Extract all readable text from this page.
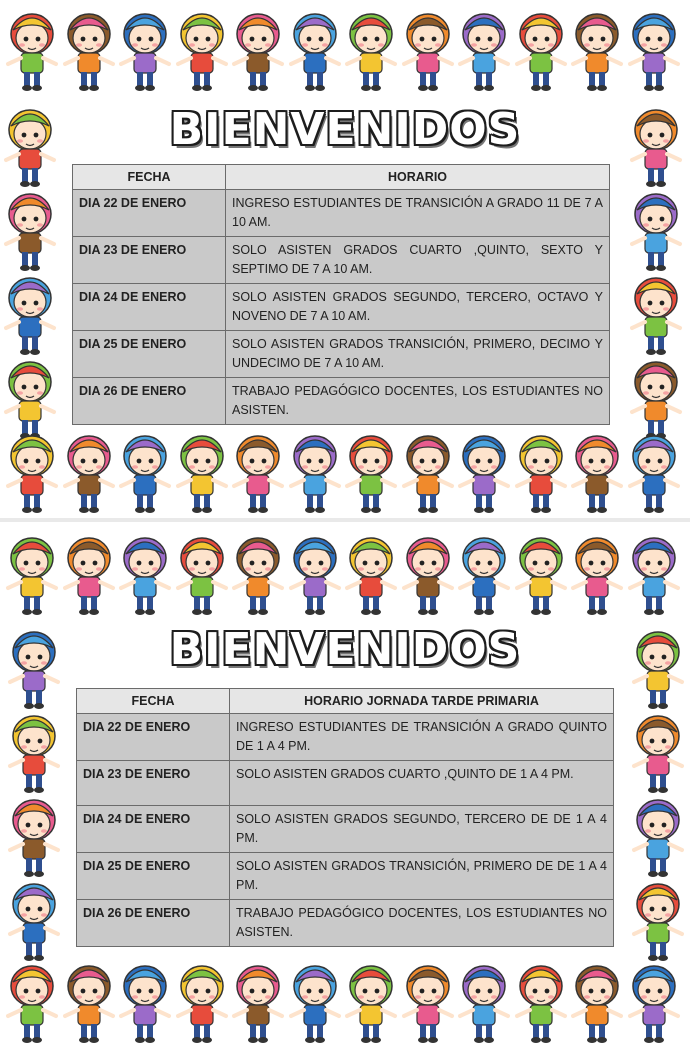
BIENVENIDOS
FECHA	HORARIO
DIA 22 DE ENERO	INGRESO ESTUDIANTES DE TRANSICIÓN A GRADO 11 DE 7 A 10 AM.
DIA 23 DE ENERO	SOLO ASISTEN GRADOS CUARTO ,QUINTO, SEXTO Y SEPTIMO DE 7 A 10 AM.
DIA 24 DE ENERO	SOLO ASISTEN GRADOS SEGUNDO, TERCERO, OCTAVO Y NOVENO DE 7 A 10 AM.
DIA 25 DE ENERO	SOLO ASISTEN GRADOS TRANSICIÓN, PRIMERO, DECIMO Y UNDECIMO DE 7 A 10 AM.
DIA 26 DE ENERO	TRABAJO PEDAGÓGICO DOCENTES, LOS ESTUDIANTES NO ASISTEN.
BIENVENIDOS
FECHA	HORARIO JORNADA TARDE PRIMARIA
DIA 22 DE ENERO	INGRESO ESTUDIANTES DE TRANSICIÓN A GRADO QUINTO DE 1 A 4 PM.
DIA 23 DE ENERO	SOLO ASISTEN GRADOS CUARTO ,QUINTO DE 1 A 4 PM.
DIA 24 DE ENERO	SOLO ASISTEN GRADOS SEGUNDO, TERCERO DE DE 1 A 4 PM.
DIA 25 DE ENERO	SOLO ASISTEN GRADOS TRANSICIÓN, PRIMERO DE DE 1 A 4 PM.
DIA 26 DE ENERO	TRABAJO PEDAGÓGICO DOCENTES, LOS ESTUDIANTES NO ASISTEN.
